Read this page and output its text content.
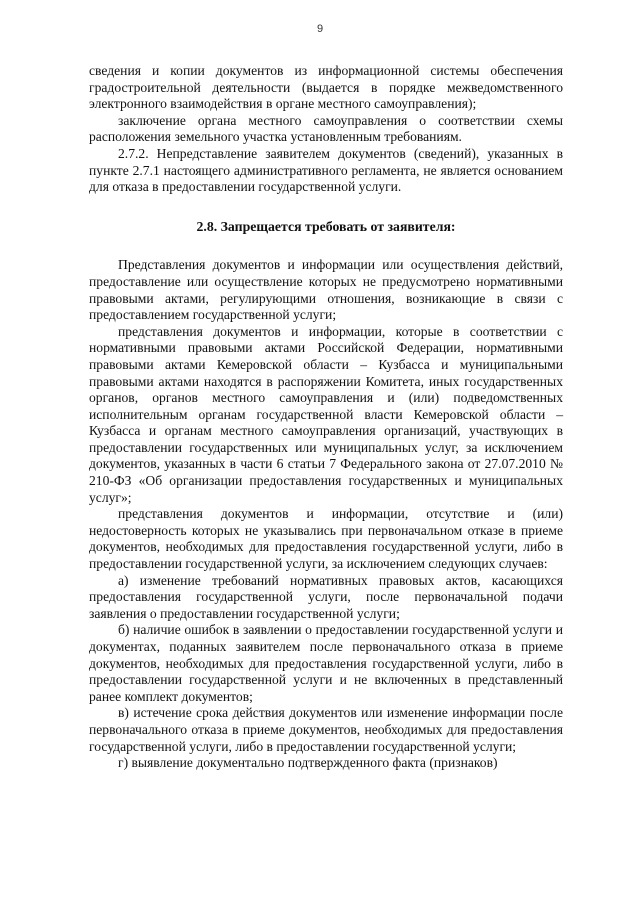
9

сведения и копии документов из информационной системы обеспечения градостроительной деятельности (выдается в порядке межведомственного электронного взаимодействия в органе местного самоуправления);

заключение органа местного самоуправления о соответствии схемы расположения земельного участка установленным требованиям.

2.7.2. Непредставление заявителем документов (сведений), указанных в пункте 2.7.1 настоящего административного регламента, не является основанием для отказа в предоставлении государственной услуги.

2.8. Запрещается требовать от заявителя:

Представления документов и информации или осуществления действий, предоставление или осуществление которых не предусмотрено нормативными правовыми актами, регулирующими отношения, возникающие в связи с предоставлением государственной услуги;

представления документов и информации, которые в соответствии с нормативными правовыми актами Российской Федерации, нормативными правовыми актами Кемеровской области – Кузбасса и муниципальными правовыми актами находятся в распоряжении Комитета, иных государственных органов, органов местного самоуправления и (или) подведомственных исполнительным органам государственной власти Кемеровской области – Кузбасса и органам местного самоуправления организаций, участвующих в предоставлении государственных или муниципальных услуг, за исключением документов, указанных в части 6 статьи 7 Федерального закона от 27.07.2010 № 210-ФЗ «Об организации предоставления государственных и муниципальных услуг»;

представления документов и информации, отсутствие и (или) недостоверность которых не указывались при первоначальном отказе в приеме документов, необходимых для предоставления государственной услуги, либо в предоставлении государственной услуги, за исключением следующих случаев:

а) изменение требований нормативных правовых актов, касающихся предоставления государственной услуги, после первоначальной подачи заявления о предоставлении государственной услуги;

б) наличие ошибок в заявлении о предоставлении государственной услуги и документах, поданных заявителем после первоначального отказа в приеме документов, необходимых для предоставления государственной услуги, либо в предоставлении государственной услуги и не включенных в представленный ранее комплект документов;

в) истечение срока действия документов или изменение информации после первоначального отказа в приеме документов, необходимых для предоставления государственной услуги, либо в предоставлении государственной услуги;

г) выявление документально подтвержденного факта (признаков)
